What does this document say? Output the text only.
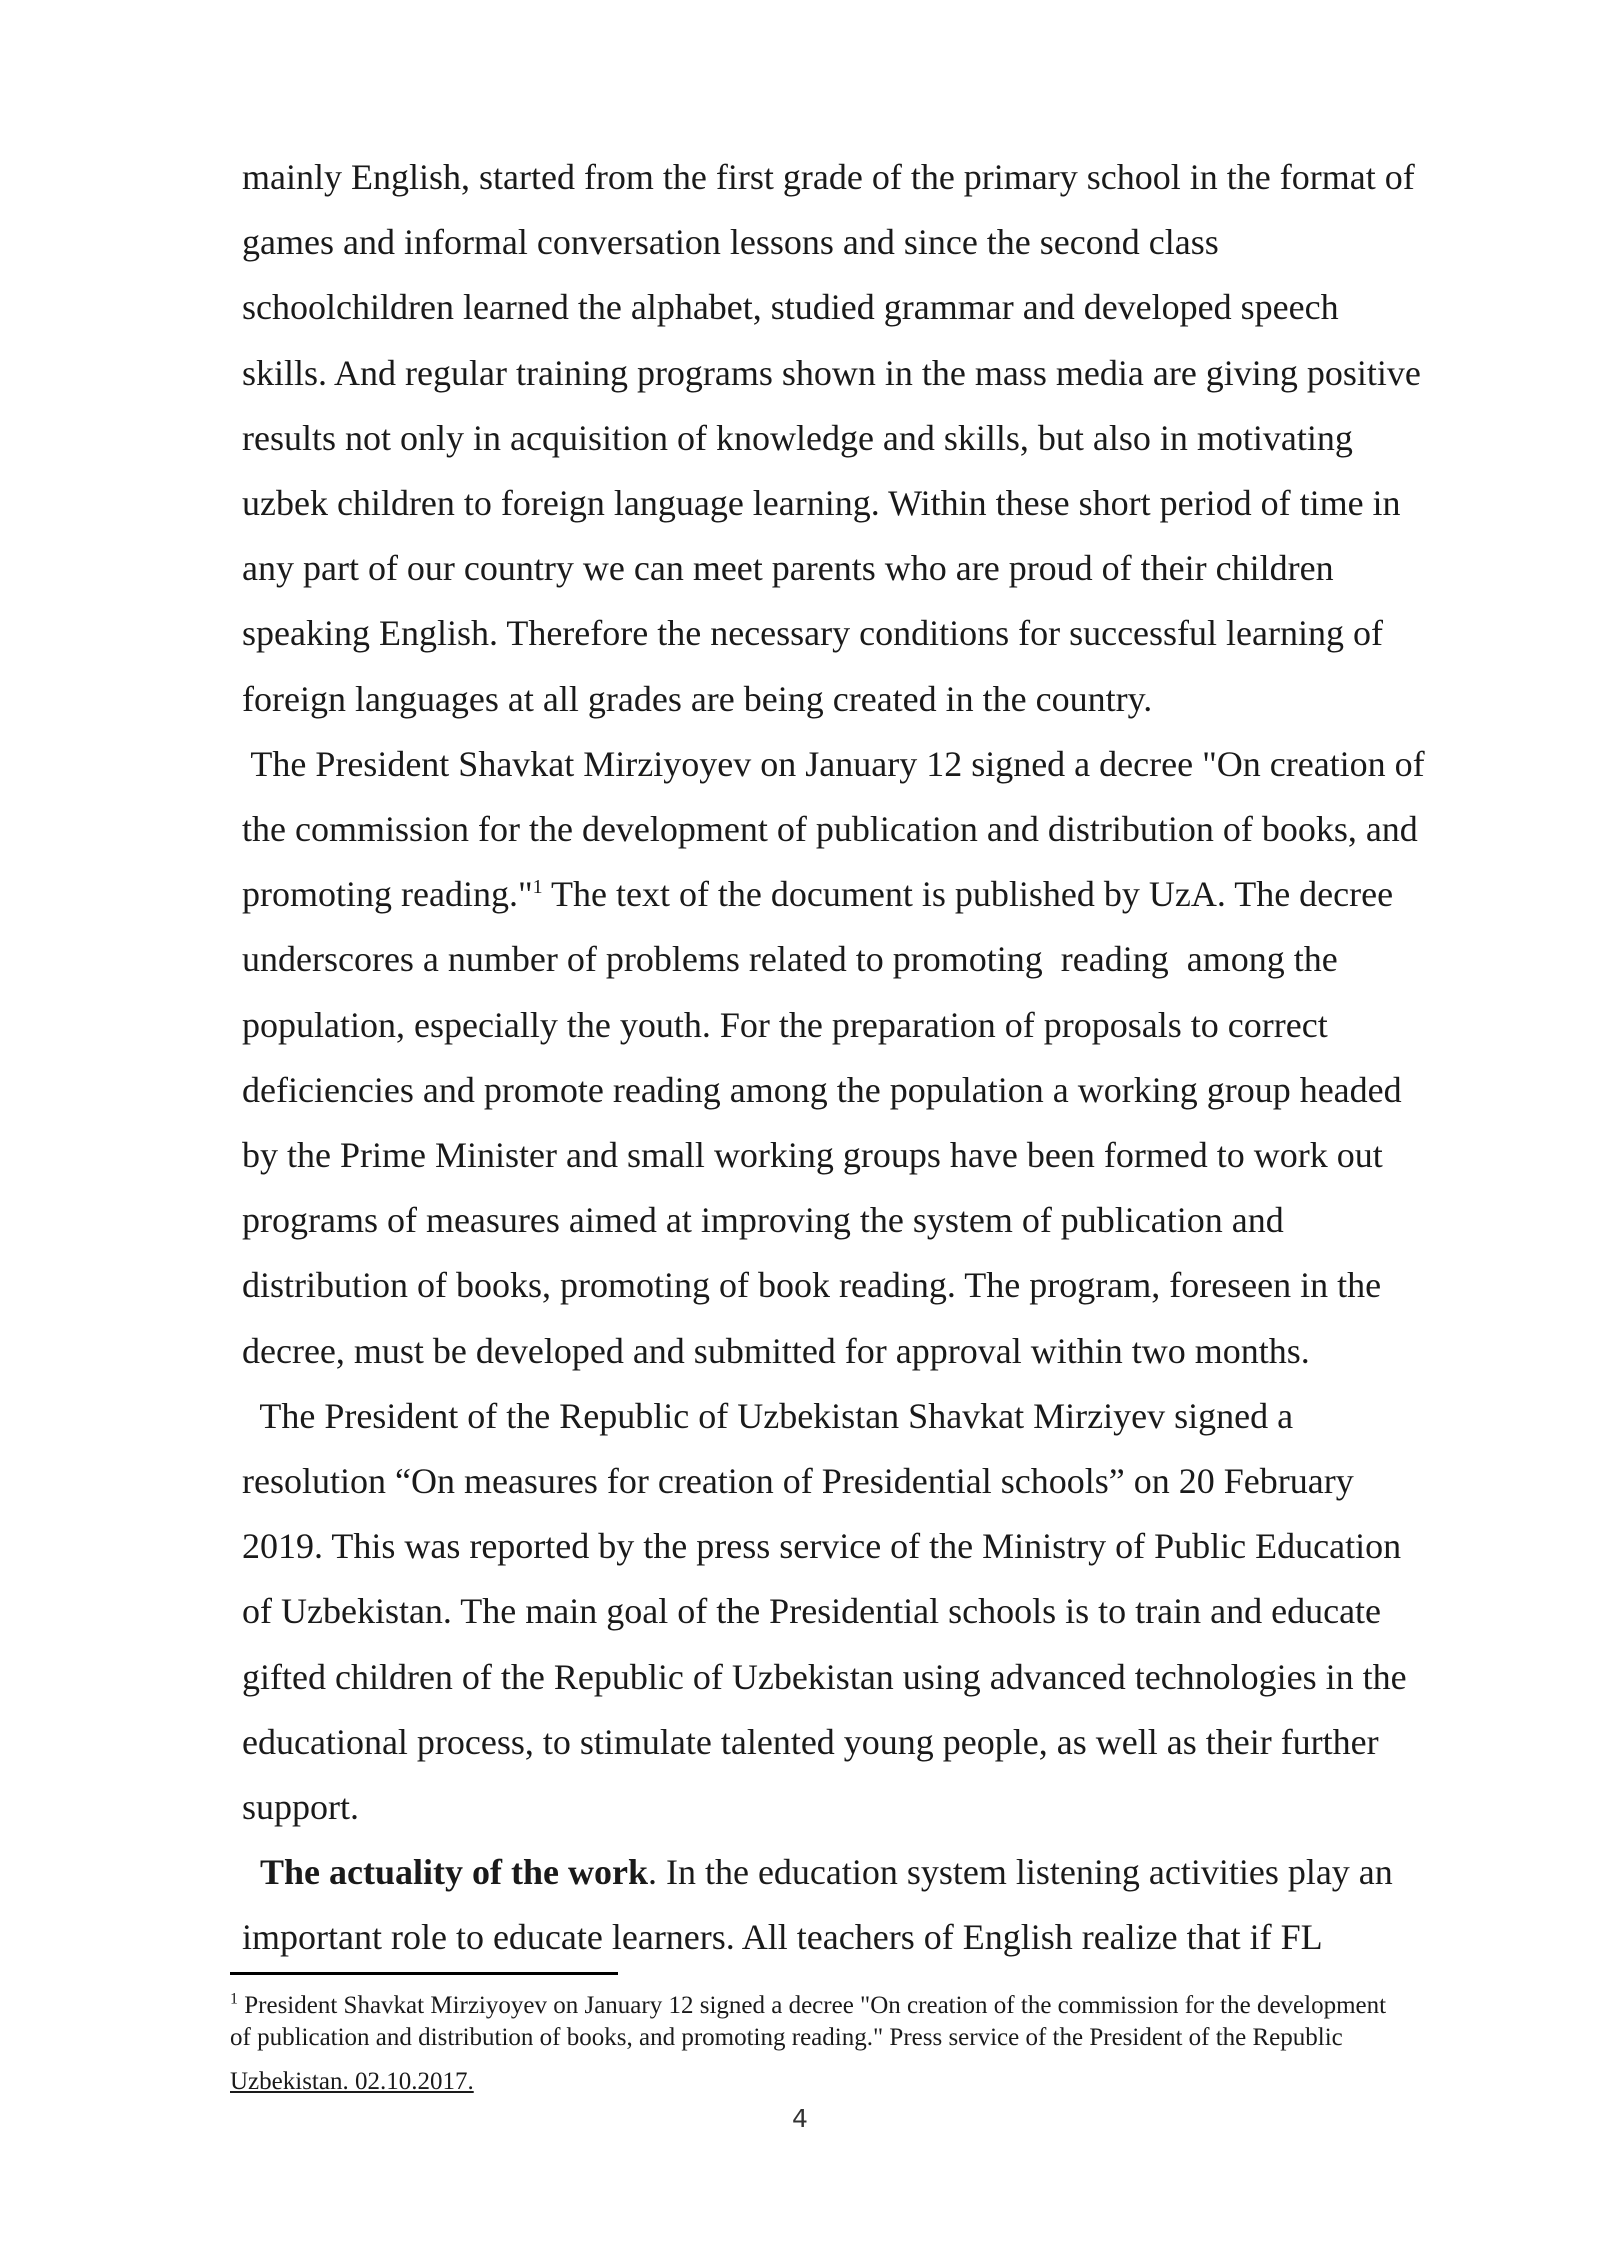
mainly English, started from the first grade of the primary school in the format of
games and informal conversation lessons and since the second class
schoolchildren learned the alphabet, studied grammar and developed speech
skills. And regular training programs shown in the mass media are giving positive
results not only in acquisition of knowledge and skills, but also in motivating
uzbek children to foreign language learning. Within these short period of time in
any part of our country we can meet parents who are proud of their children
speaking English. Therefore the necessary conditions for successful learning of
foreign languages at all grades are being created in the country.

The President Shavkat Mirziyoyev on January 12 signed a decree "On creation of
the commission for the development of publication and distribution of books, and
promoting reading."$^1$ The text of the document is published by UzA. The decree
underscores a number of problems related to promoting  reading  among the
population, especially the youth. For the preparation of proposals to correct
deficiencies and promote reading among the population a working group headed
by the Prime Minister and small working groups have been formed to work out
programs of measures aimed at improving the system of publication and
distribution of books, promoting of book reading. The program, foreseen in the
decree, must be developed and submitted for approval within two months.

The President of the Republic of Uzbekistan Shavkat Mirziyev signed a
resolution “On measures for creation of Presidential schools” on 20 February
2019. This was reported by the press service of the Ministry of Public Education
of Uzbekistan. The main goal of the Presidential schools is to train and educate
gifted children of the Republic of Uzbekistan using advanced technologies in the
educational process, to stimulate talented young people, as well as their further
support.

The actuality of the work. In the education system listening activities play an
important role to educate learners. All teachers of English realize that if FL

$^1$ President Shavkat Mirziyoyev on January 12 signed a decree "On creation of the commission for the development
of publication and distribution of books, and promoting reading." Press service of the President of the Republic
Uzbekistan. 02.10.2017.
4
